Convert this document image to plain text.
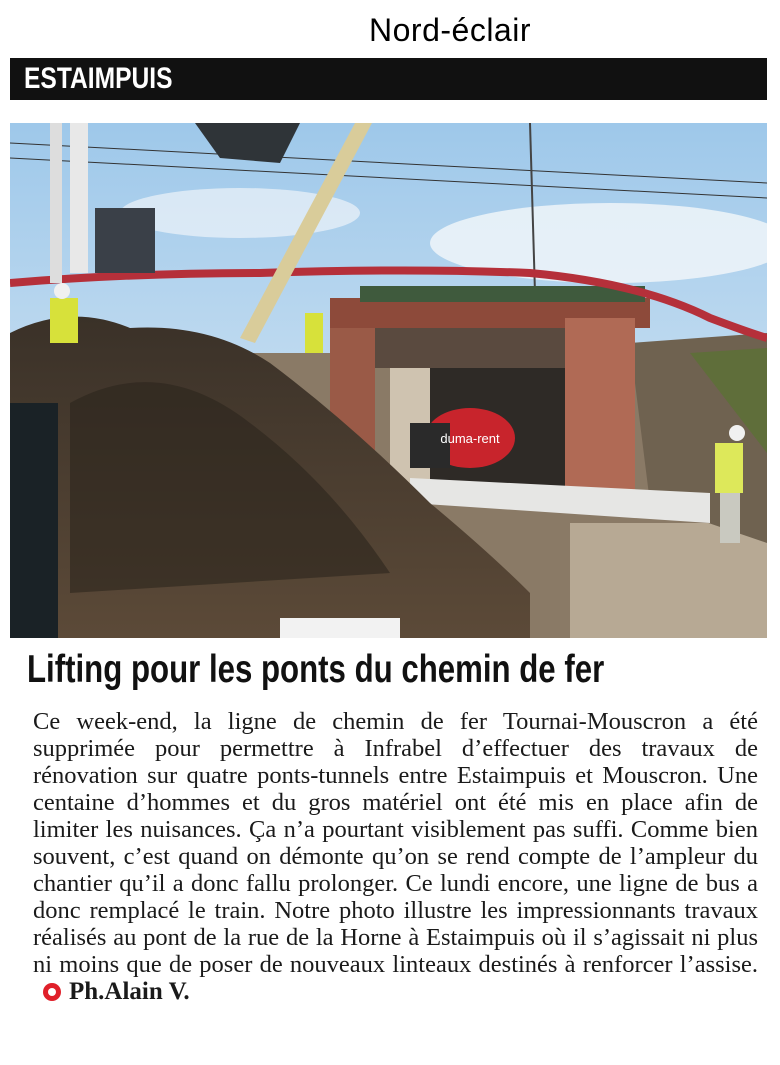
Nord-éclair
ESTAIMPUIS
duma-rent
Lifting pour les ponts du chemin de fer
Ce week-end, la ligne de chemin de fer Tournai-Mouscron a été supprimée pour permettre à Infrabel d’effectuer des travaux de rénovation sur quatre ponts-tunnels entre Estaimpuis et Mouscron. Une centaine d’hommes et du gros matériel ont été mis en place afin de limiter les nuisances. Ça n’a pourtant visiblement pas suffi. Comme bien souvent, c’est quand on démonte qu’on se rend compte de l’ampleur du chantier qu’il a donc fallu prolonger. Ce lundi encore, une ligne de bus a donc remplacé le train. Notre photo illustre les impressionnants travaux réalisés au pont de la rue de la Horne à Estaimpuis où il s’agissait ni plus ni moins que de poser de nouveaux linteaux destinés à renforcer l’assise.Ph.Alain V.
